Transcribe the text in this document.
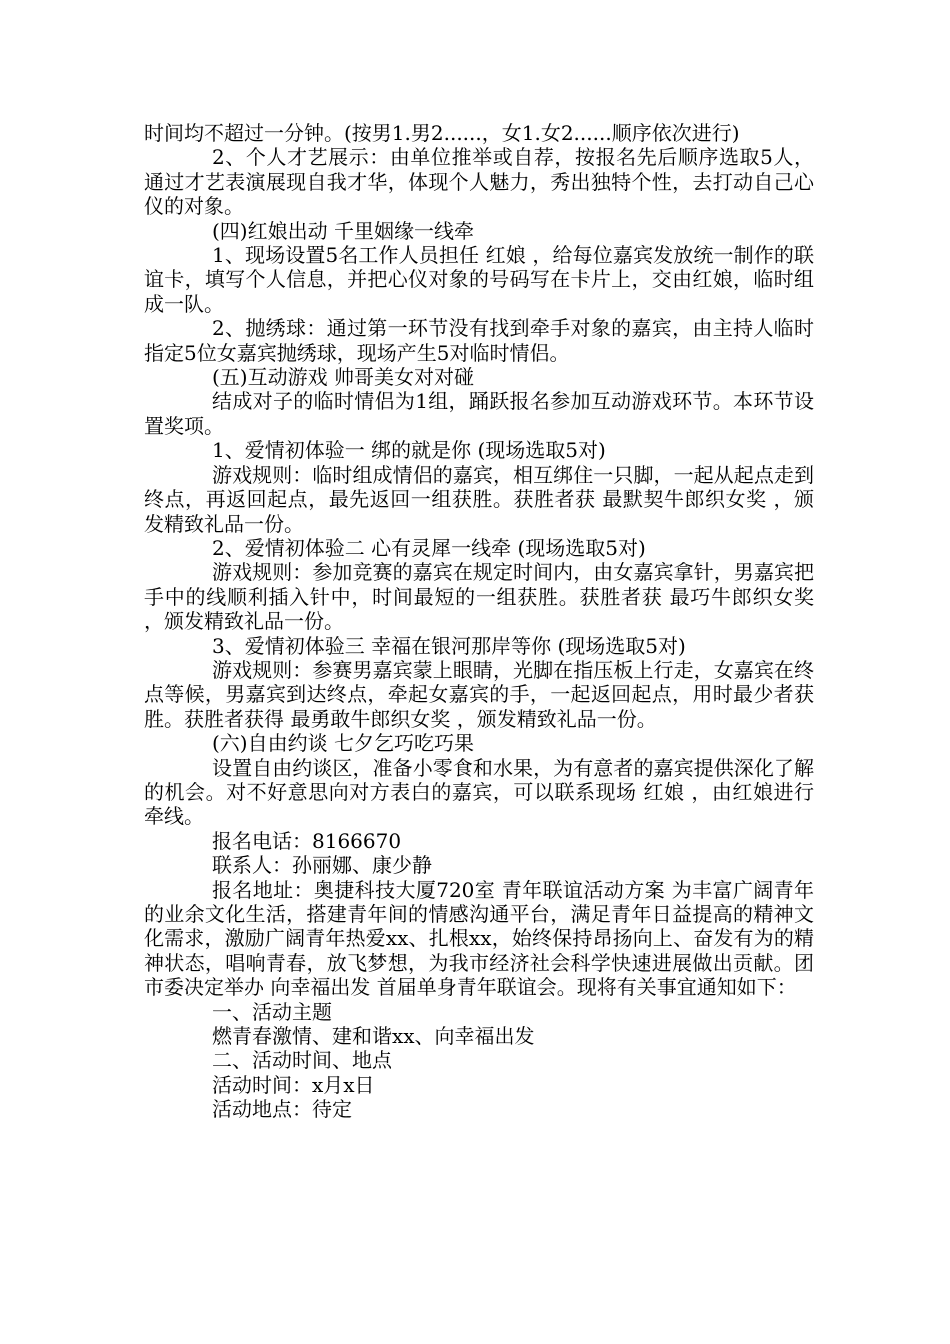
时间均不超过一分钟。(按男1.男2......，女1.女2......顺序依次进行)

2、个人才艺展示：由单位推举或自荐，按报名先后顺序选取5人，通过才艺表演展现自我才华，体现个人魅力，秀出独特个性，去打动自己心仪的对象。

(四)红娘出动 千里姻缘一线牵

1、现场设置5名工作人员担任 红娘 ，给每位嘉宾发放统一制作的联谊卡，填写个人信息，并把心仪对象的号码写在卡片上，交由红娘，临时组成一队。

2、抛绣球：通过第一环节没有找到牵手对象的嘉宾，由主持人临时指定5位女嘉宾抛绣球，现场产生5对临时情侣。

(五)互动游戏 帅哥美女对对碰

结成对子的临时情侣为1组，踊跃报名参加互动游戏环节。本环节设置奖项。

1、爱情初体验一 绑的就是你 (现场选取5对)

游戏规则：临时组成情侣的嘉宾，相互绑住一只脚，一起从起点走到终点，再返回起点，最先返回一组获胜。获胜者获 最默契牛郎织女奖 ，颁发精致礼品一份。

2、爱情初体验二 心有灵犀一线牵 (现场选取5对)

游戏规则：参加竞赛的嘉宾在规定时间内，由女嘉宾拿针，男嘉宾把手中的线顺利插入针中，时间最短的一组获胜。获胜者获 最巧牛郎织女奖 ，颁发精致礼品一份。

3、爱情初体验三 幸福在银河那岸等你 (现场选取5对)

游戏规则：参赛男嘉宾蒙上眼睛，光脚在指压板上行走，女嘉宾在终点等候，男嘉宾到达终点，牵起女嘉宾的手，一起返回起点，用时最少者获胜。获胜者获得 最勇敢牛郎织女奖 ，颁发精致礼品一份。

(六)自由约谈 七夕乞巧吃巧果

设置自由约谈区，准备小零食和水果，为有意者的嘉宾提供深化了解的机会。对不好意思向对方表白的嘉宾，可以联系现场 红娘 ，由红娘进行牵线。

报名电话：8166670

联系人：孙丽娜、康少静

报名地址：奥捷科技大厦720室 青年联谊活动方案 为丰富广阔青年的业余文化生活，搭建青年间的情感沟通平台，满足青年日益提高的精神文化需求，激励广阔青年热爱xx、扎根xx，始终保持昂扬向上、奋发有为的精神状态，唱响青春，放飞梦想，为我市经济社会科学快速进展做出贡献。团市委决定举办 向幸福出发 首届单身青年联谊会。现将有关事宜通知如下：

一、活动主题

燃青春激情、建和谐xx、向幸福出发

二、活动时间、地点

活动时间：x月x日

活动地点：待定
